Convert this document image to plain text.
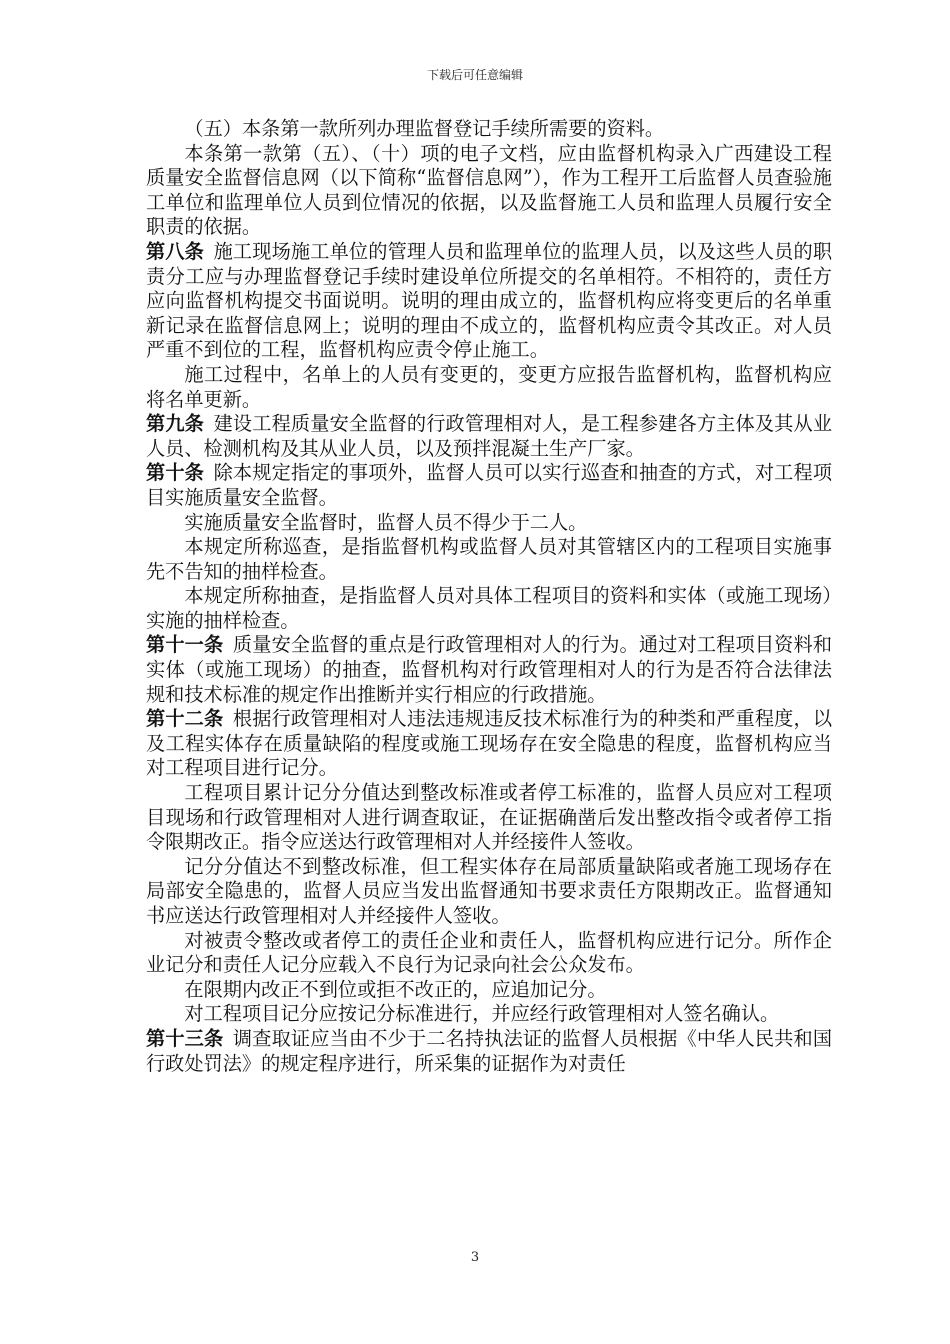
下载后可任意编辑

（五）本条第一款所列办理监督登记手续所需要的资料。

本条第一款第（五）、（十）项的电子文档，应由监督机构录入广西建设工程质量安全监督信息网（以下简称“监督信息网”），作为工程开工后监督人员查验施工单位和监理单位人员到位情况的依据，以及监督施工人员和监理人员履行安全职责的依据。

第八条 施工现场施工单位的管理人员和监理单位的监理人员，以及这些人员的职责分工应与办理监督登记手续时建设单位所提交的名单相符。不相符的，责任方应向监督机构提交书面说明。说明的理由成立的，监督机构应将变更后的名单重新记录在监督信息网上；说明的理由不成立的，监督机构应责令其改正。对人员严重不到位的工程，监督机构应责令停止施工。

施工过程中，名单上的人员有变更的，变更方应报告监督机构，监督机构应将名单更新。

第九条 建设工程质量安全监督的行政管理相对人，是工程参建各方主体及其从业人员、检测机构及其从业人员，以及预拌混凝土生产厂家。

第十条 除本规定指定的事项外，监督人员可以实行巡查和抽查的方式，对工程项目实施质量安全监督。

实施质量安全监督时，监督人员不得少于二人。

本规定所称巡查，是指监督机构或监督人员对其管辖区内的工程项目实施事先不告知的抽样检查。

本规定所称抽查，是指监督人员对具体工程项目的资料和实体（或施工现场）实施的抽样检查。

第十一条 质量安全监督的重点是行政管理相对人的行为。通过对工程项目资料和实体（或施工现场）的抽查，监督机构对行政管理相对人的行为是否符合法律法规和技术标准的规定作出推断并实行相应的行政措施。

第十二条 根据行政管理相对人违法违规违反技术标准行为的种类和严重程度，以及工程实体存在质量缺陷的程度或施工现场存在安全隐患的程度，监督机构应当对工程项目进行记分。

工程项目累计记分分值达到整改标准或者停工标准的，监督人员应对工程项目现场和行政管理相对人进行调查取证，在证据确凿后发出整改指令或者停工指令限期改正。指令应送达行政管理相对人并经接件人签收。

记分分值达不到整改标准，但工程实体存在局部质量缺陷或者施工现场存在局部安全隐患的，监督人员应当发出监督通知书要求责任方限期改正。监督通知书应送达行政管理相对人并经接件人签收。

对被责令整改或者停工的责任企业和责任人，监督机构应进行记分。所作企业记分和责任人记分应载入不良行为记录向社会公众发布。

在限期内改正不到位或拒不改正的，应追加记分。

对工程项目记分应按记分标准进行，并应经行政管理相对人签名确认。

第十三条 调查取证应当由不少于二名持执法证的监督人员根据《中华人民共和国行政处罚法》的规定程序进行，所采集的证据作为对责任

3
